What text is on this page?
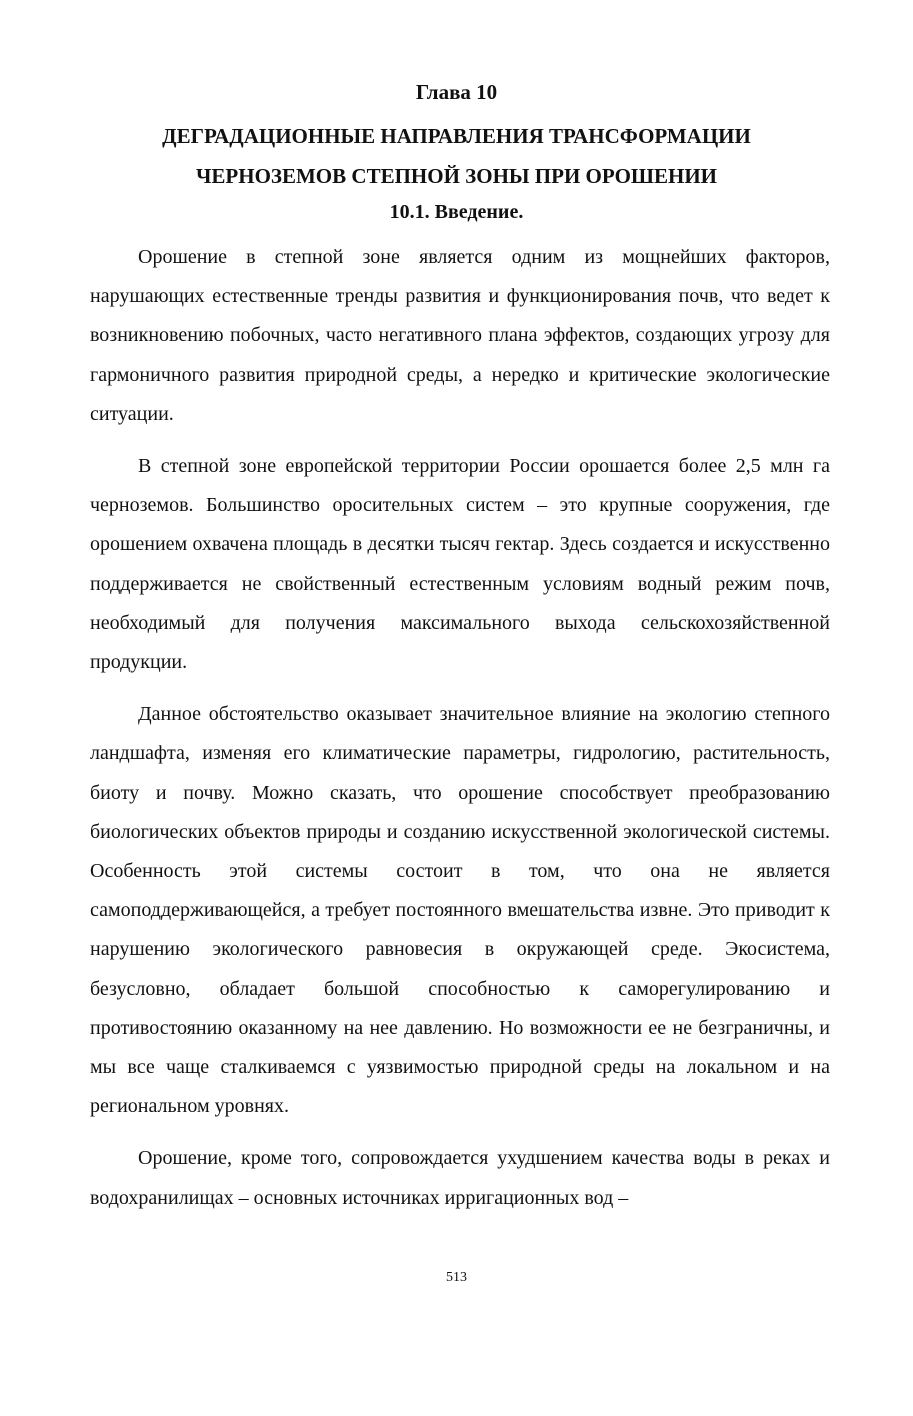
Глава 10
ДЕГРАДАЦИОННЫЕ НАПРАВЛЕНИЯ ТРАНСФОРМАЦИИ
ЧЕРНОЗЕМОВ СТЕПНОЙ ЗОНЫ ПРИ ОРОШЕНИИ
10.1. Введение.

Орошение в степной зоне является одним из мощнейших факторов, нарушающих естественные тренды развития и функционирования почв, что ведет к возникновению побочных, часто негативного плана эффектов, создающих угрозу для гармоничного развития природной среды, а нередко и критические экологические ситуации.

В степной зоне европейской территории России орошается более 2,5 млн га черноземов. Большинство оросительных систем – это крупные сооружения, где орошением охвачена площадь в десятки тысяч гектар. Здесь создается и искусственно поддерживается не свойственный естественным условиям водный режим почв, необходимый для получения максимального выхода сельскохозяйственной продукции.

Данное обстоятельство оказывает значительное влияние на экологию степного ландшафта, изменяя его климатические параметры, гидрологию, растительность, биоту и почву. Можно сказать, что орошение способствует преобразованию биологических объектов природы и созданию искусственной экологической системы. Особенность этой системы состоит в том, что она не является самоподдерживающейся, а требует постоянного вмешательства извне. Это приводит к нарушению экологического равновесия в окружающей среде. Экосистема, безусловно, обладает большой способностью к саморегулированию и противостоянию оказанному на нее давлению. Но возможности ее не безграничны, и мы все чаще сталкиваемся с уязвимостью природной среды на локальном и на региональном уровнях.

Орошение, кроме того, сопровождается ухудшением качества воды в реках и водохранилищах – основных источниках ирригационных вод –

513
